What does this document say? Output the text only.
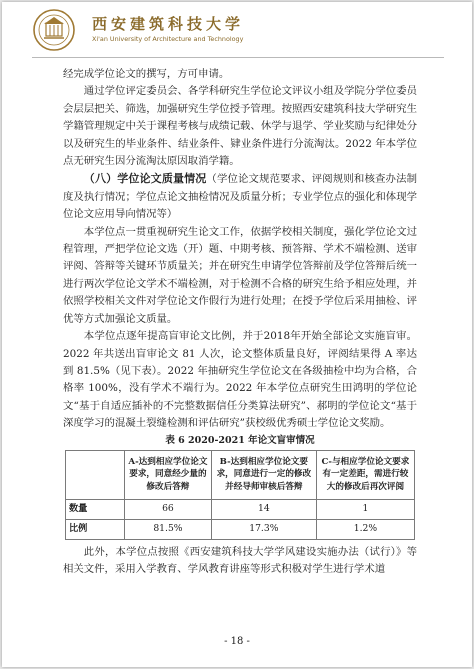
西安建筑科技大学
Xi'an University of Architecture and Technology

经完成学位论文的撰写，方可申请。

通过学位评定委员会、各学科研究生学位论文评议小组及学院分学位委员会层层把关、筛选，加强研究生学位授予管理。按照西安建筑科技大学研究生学籍管理规定中关于课程考核与成绩记载、休学与退学、学业奖励与纪律处分以及研究生的毕业条件、结业条件、肄业条件进行分流淘汰。2022 年本学位点无研究生因分流淘汰原因取消学籍。

（八）学位论文质量情况（学位论文规范要求、评阅规则和核查办法制度及执行情况；学位点论文抽检情况及质量分析；专业学位点的强化和体现学位论文应用导向情况等）

本学位点一贯重视研究生论文工作，依据学校相关制度，强化学位论文过程管理，严把学位论文选（开）题、中期考核、预答辩、学术不端检测、送审评阅、答辩等关键环节质量关；并在研究生申请学位答辩前及学位答辩后统一进行两次学位论文学术不端检测，对于检测不合格的研究生给予相应处理，并依照学校相关文件对学位论文作假行为进行处理；在授予学位后采用抽检、评优等方式加强论文质量。

本学位点逐年提高盲审论文比例，并于2018年开始全部论文实施盲审。2022 年共送出盲审论文 81 人次，论文整体质量良好，评阅结果得 A 率达到 81.5%（见下表）。2022 年抽研究生学位论文在各级抽检中均为合格，合格率 100%，没有学术不端行为。2022 年本学位点研究生田鸿明的学位论文“基于自适应插补的不完整数据信任分类算法研究”、郝明的学位论文“基于深度学习的混凝土裂缝检测和评估研究”获校级优秀硕士学位论文奖励。

表 6 2020-2021 年论文盲审情况

	A-达到相应学位论文要求，同意经少量的修改后答辩	B-达到相应学位论文要求，同意进行一定的修改并经导师审核后答辩	C-与相应学位论文要求有一定差距，需进行较大的修改后再次评阅
数量	66	14	1
比例	81.5%	17.3%	1.2%

此外，本学位点按照《西安建筑科技大学学风建设实施办法（试行）》等相关文件，采用入学教育、学风教育讲座等形式积极对学生进行学术道

- 18 -
